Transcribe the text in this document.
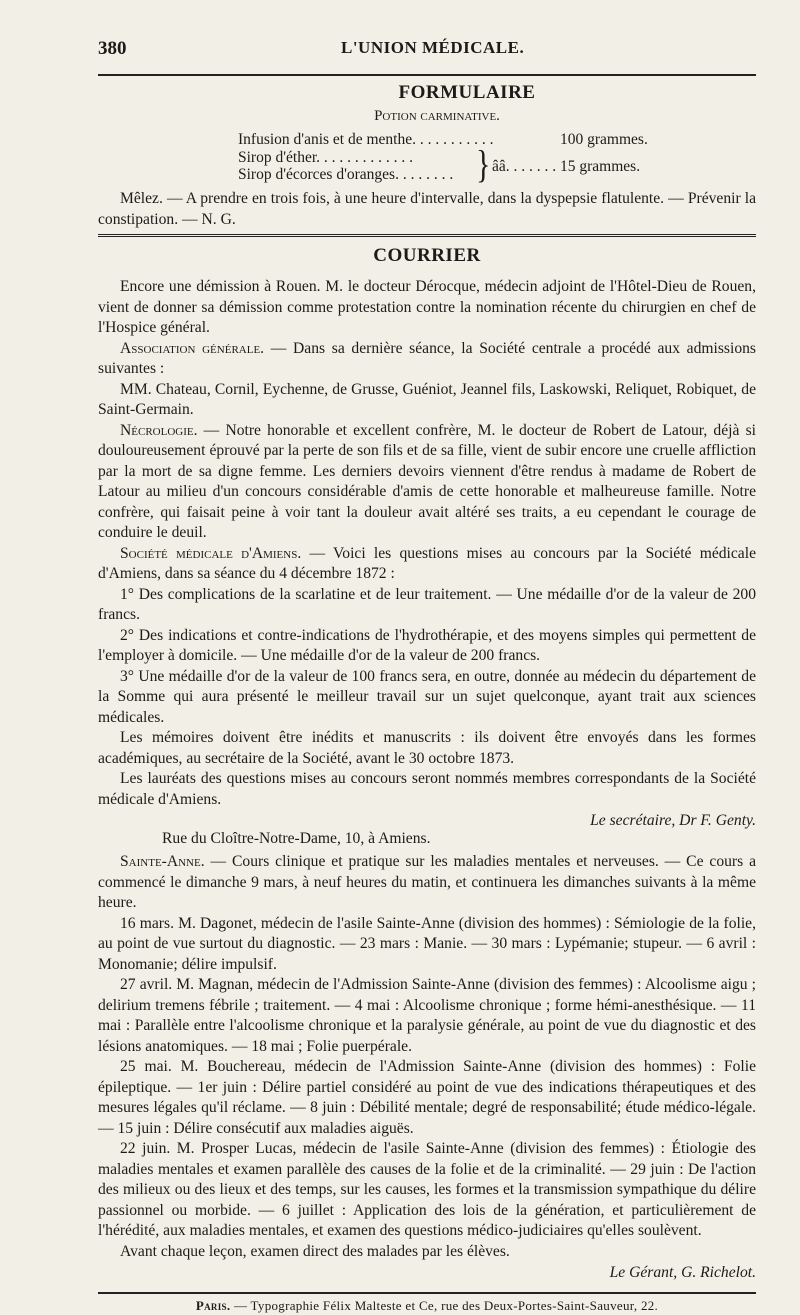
380	L'UNION MÉDICALE.
FORMULAIRE
Potion carminative.
Infusion d'anis et de menthe. . . . . . . . . . .	100 grammes.
Sirop d'éther. . . . . . . . . . . . .
Sirop d'écorces d'oranges. . . . . . . . } ââ. . . . . . . 15 grammes.

Mêlez. — A prendre en trois fois, à une heure d'intervalle, dans la dyspepsie flatulente. — Prévenir la constipation. — N. G.

COURRIER

Encore une démission à Rouen. M. le docteur Dérocque, médecin adjoint de l'Hôtel-Dieu de Rouen, vient de donner sa démission comme protestation contre la nomination récente du chirurgien en chef de l'Hospice général.

Association générale. — Dans sa dernière séance, la Société centrale a procédé aux admissions suivantes :

MM. Chateau, Cornil, Eychenne, de Grusse, Guéniot, Jeannel fils, Laskowski, Reliquet, Robiquet, de Saint-Germain.

Nécrologie. — Notre honorable et excellent confrère, M. le docteur de Robert de Latour, déjà si douloureusement éprouvé par la perte de son fils et de sa fille, vient de subir encore une cruelle affliction par la mort de sa digne femme. Les derniers devoirs viennent d'être rendus à madame de Robert de Latour au milieu d'un concours considérable d'amis de cette honorable et malheureuse famille. Notre confrère, qui faisait peine à voir tant la douleur avait altéré ses traits, a eu cependant le courage de conduire le deuil.

Société médicale d'Amiens. — Voici les questions mises au concours par la Société médicale d'Amiens, dans sa séance du 4 décembre 1872 :

1° Des complications de la scarlatine et de leur traitement. — Une médaille d'or de la valeur de 200 francs.

2° Des indications et contre-indications de l'hydrothérapie, et des moyens simples qui permettent de l'employer à domicile. — Une médaille d'or de la valeur de 200 francs.

3° Une médaille d'or de la valeur de 100 francs sera, en outre, donnée au médecin du département de la Somme qui aura présenté le meilleur travail sur un sujet quelconque, ayant trait aux sciences médicales.

Les mémoires doivent être inédits et manuscrits : ils doivent être envoyés dans les formes académiques, au secrétaire de la Société, avant le 30 octobre 1873.

Les lauréats des questions mises au concours seront nommés membres correspondants de la Société médicale d'Amiens.

Le secrétaire, Dr F. Genty.
Rue du Cloître-Notre-Dame, 10, à Amiens.

Sainte-Anne. — Cours clinique et pratique sur les maladies mentales et nerveuses. — Ce cours a commencé le dimanche 9 mars, à neuf heures du matin, et continuera les dimanches suivants à la même heure.

16 mars. M. Dagonet, médecin de l'asile Sainte-Anne (division des hommes) : Sémiologie de la folie, au point de vue surtout du diagnostic. — 23 mars : Manie. — 30 mars : Lypémanie; stupeur. — 6 avril : Monomanie; délire impulsif.

27 avril. M. Magnan, médecin de l'Admission Sainte-Anne (division des femmes) : Alcoolisme aigu ; delirium tremens fébrile ; traitement. — 4 mai : Alcoolisme chronique ; forme hémi-anesthésique. — 11 mai : Parallèle entre l'alcoolisme chronique et la paralysie générale, au point de vue du diagnostic et des lésions anatomiques. — 18 mai ; Folie puerpérale.

25 mai. M. Bouchereau, médecin de l'Admission Sainte-Anne (division des hommes) : Folie épileptique. — 1er juin : Délire partiel considéré au point de vue des indications thérapeutiques et des mesures légales qu'il réclame. — 8 juin : Débilité mentale; degré de responsabilité; étude médico-légale. — 15 juin : Délire consécutif aux maladies aiguës.

22 juin. M. Prosper Lucas, médecin de l'asile Sainte-Anne (division des femmes) : Étiologie des maladies mentales et examen parallèle des causes de la folie et de la criminalité. — 29 juin : De l'action des milieux ou des lieux et des temps, sur les causes, les formes et la transmission sympathique du délire passionnel ou morbide. — 6 juillet : Application des lois de la génération, et particulièrement de l'hérédité, aux maladies mentales, et examen des questions médico-judiciaires qu'elles soulèvent.

Avant chaque leçon, examen direct des malades par les élèves.

Le Gérant, G. Richelot.
Paris. — Typographie Félix Malteste et Ce, rue des Deux-Portes-Saint-Sauveur, 22.
